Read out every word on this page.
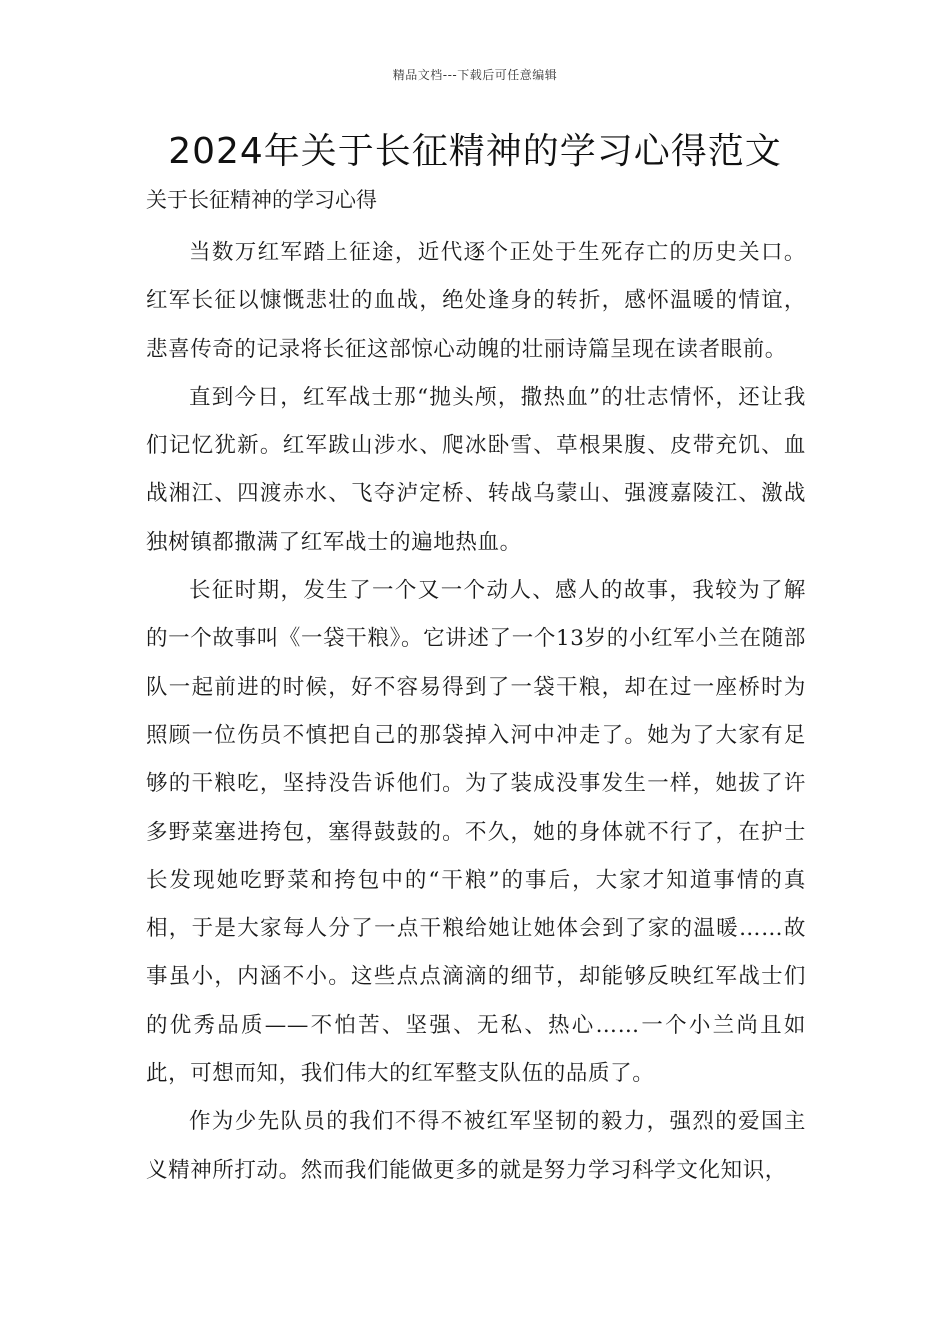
精品文档---下载后可任意编辑
2024年关于长征精神的学习心得范文
关于长征精神的学习心得

当数万红军踏上征途，近代逐个正处于生死存亡的历史关口。红军长征以慷慨悲壮的血战，绝处逢身的转折，感怀温暖的情谊，悲喜传奇的记录将长征这部惊心动魄的壮丽诗篇呈现在读者眼前。

直到今日，红军战士那“抛头颅，撒热血”的壮志情怀，还让我们记忆犹新。红军跋山涉水、爬冰卧雪、草根果腹、皮带充饥、血战湘江、四渡赤水、飞夺泸定桥、转战乌蒙山、强渡嘉陵江、激战独树镇都撒满了红军战士的遍地热血。

长征时期，发生了一个又一个动人、感人的故事，我较为了解的一个故事叫《一袋干粮》。它讲述了一个13岁的小红军小兰在随部队一起前进的时候，好不容易得到了一袋干粮，却在过一座桥时为照顾一位伤员不慎把自己的那袋掉入河中冲走了。她为了大家有足够的干粮吃，坚持没告诉他们。为了装成没事发生一样，她拔了许多野菜塞进挎包，塞得鼓鼓的。不久，她的身体就不行了，在护士长发现她吃野菜和挎包中的“干粮”的事后，大家才知道事情的真相，于是大家每人分了一点干粮给她让她体会到了家的温暖……故事虽小，内涵不小。这些点点滴滴的细节，却能够反映红军战士们的优秀品质——不怕苦、坚强、无私、热心……一个小兰尚且如此，可想而知，我们伟大的红军整支队伍的品质了。

作为少先队员的我们不得不被红军坚韧的毅力，强烈的爱国主义精神所打动。然而我们能做更多的就是努力学习科学文化知识，
